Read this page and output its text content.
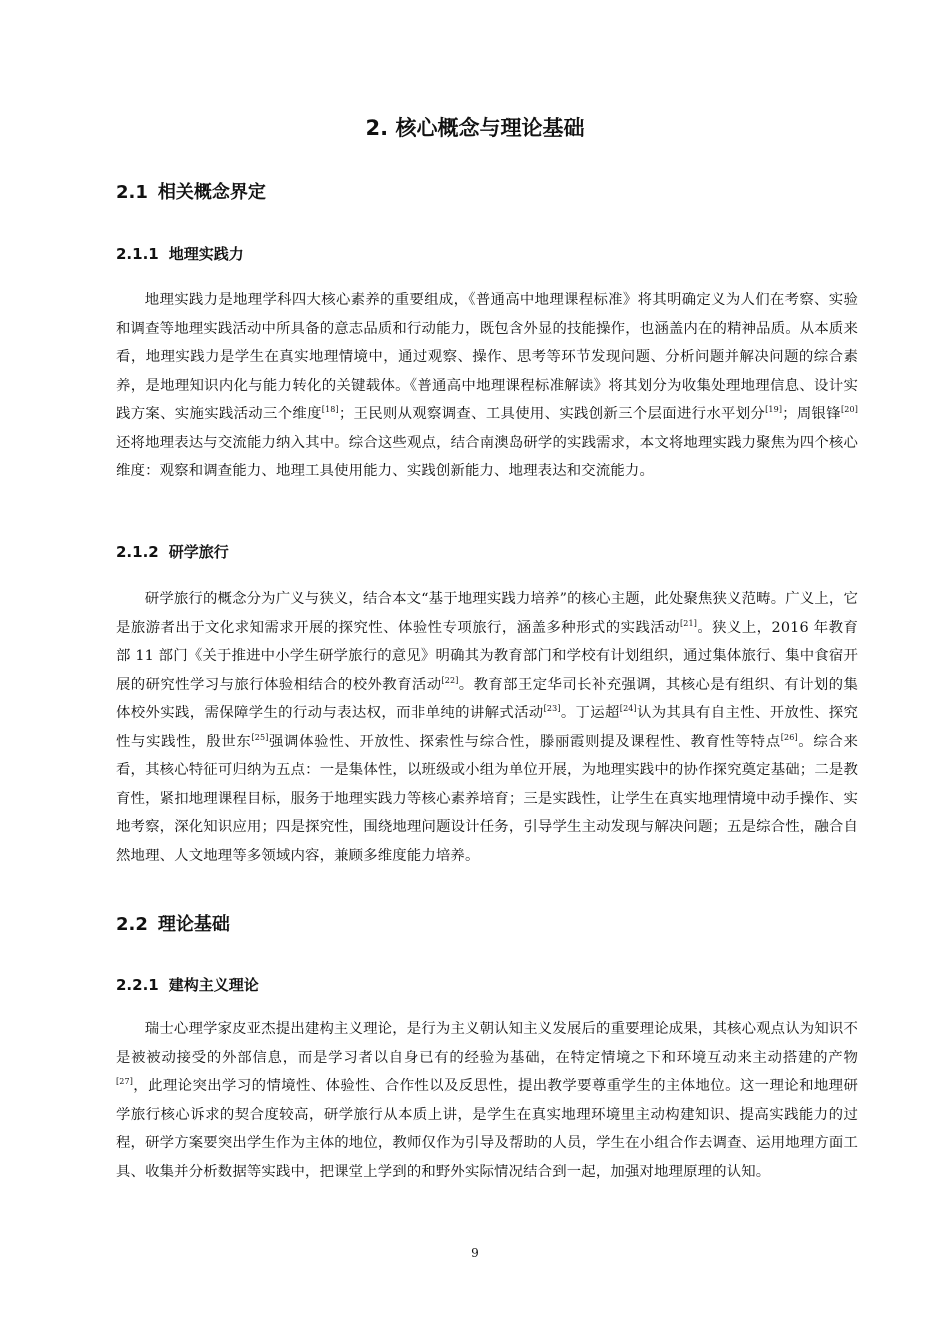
2. 核心概念与理论基础
2.1 相关概念界定
2.1.1 地理实践力

地理实践力是地理学科四大核心素养的重要组成，《普通高中地理课程标准》将其明确定义为人们在考察、实验和调查等地理实践活动中所具备的意志品质和行动能力，既包含外显的技能操作，也涵盖内在的精神品质。从本质来看，地理实践力是学生在真实地理情境中，通过观察、操作、思考等环节发现问题、分析问题并解决问题的综合素养，是地理知识内化与能力转化的关键载体。《普通高中地理课程标准解读》将其划分为收集处理地理信息、设计实践方案、实施实践活动三个维度[18]；王民则从观察调查、工具使用、实践创新三个层面进行水平划分[19]；周银锋[20]还将地理表达与交流能力纳入其中。综合这些观点，结合南澳岛研学的实践需求，本文将地理实践力聚焦为四个核心维度：观察和调查能力、地理工具使用能力、实践创新能力、地理表达和交流能力。

2.1.2 研学旅行

研学旅行的概念分为广义与狭义，结合本文“基于地理实践力培养”的核心主题，此处聚焦狭义范畴。广义上，它是旅游者出于文化求知需求开展的探究性、体验性专项旅行，涵盖多种形式的实践活动[21]。狭义上，2016 年教育部 11 部门《关于推进中小学生研学旅行的意见》明确其为教育部门和学校有计划组织，通过集体旅行、集中食宿开展的研究性学习与旅行体验相结合的校外教育活动[22]。教育部王定华司长补充强调，其核心是有组织、有计划的集体校外实践，需保障学生的行动与表达权，而非单纯的讲解式活动[23]。丁运超[24]认为其具有自主性、开放性、探究性与实践性，殷世东[25]强调体验性、开放性、探索性与综合性，滕丽霞则提及课程性、教育性等特点[26]。综合来看，其核心特征可归纳为五点：一是集体性，以班级或小组为单位开展，为地理实践中的协作探究奠定基础；二是教育性，紧扣地理课程目标，服务于地理实践力等核心素养培育；三是实践性，让学生在真实地理情境中动手操作、实地考察，深化知识应用；四是探究性，围绕地理问题设计任务，引导学生主动发现与解决问题；五是综合性，融合自然地理、人文地理等多领域内容，兼顾多维度能力培养。

2.2 理论基础
2.2.1 建构主义理论

瑞士心理学家皮亚杰提出建构主义理论，是行为主义朝认知主义发展后的重要理论成果，其核心观点认为知识不是被被动接受的外部信息，而是学习者以自身已有的经验为基础，在特定情境之下和环境互动来主动搭建的产物[27]，此理论突出学习的情境性、体验性、合作性以及反思性，提出教学要尊重学生的主体地位。这一理论和地理研学旅行核心诉求的契合度较高，研学旅行从本质上讲，是学生在真实地理环境里主动构建知识、提高实践能力的过程，研学方案要突出学生作为主体的地位，教师仅作为引导及帮助的人员，学生在小组合作去调查、运用地理方面工具、收集并分析数据等实践中，把课堂上学到的和野外实际情况结合到一起，加强对地理原理的认知。

9
